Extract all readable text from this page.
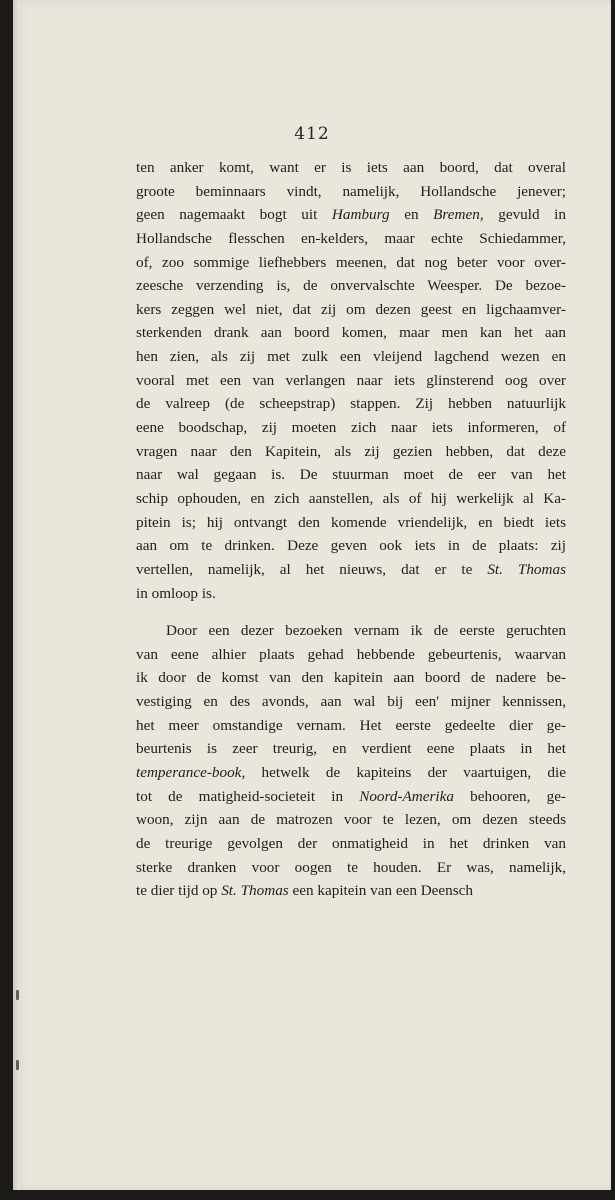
412
ten anker komt, want er is iets aan boord, dat overal
groote beminnaars vindt, namelijk, Hollandsche jenever;
geen nagemaakt bogt uit Hamburg en Bremen, gevuld in
Hollandsche flesschen en-kelders, maar echte Schiedammer,
of, zoo sommige liefhebbers meenen, dat nog beter voor over-
zeesche verzending is, de onvervalschte Weesper. De bezoe-
kers zeggen wel niet, dat zij om dezen geest en ligchaamver-
sterkenden drank aan boord komen, maar men kan het aan
hen zien, als zij met zulk een vleijend lagchend wezen en
vooral met een van verlangen naar iets glinsterend oog over
de valreep (de scheepstrap) stappen. Zij hebben natuurlijk
eene boodschap, zij moeten zich naar iets informeren, of
vragen naar den Kapitein, als zij gezien hebben, dat deze
naar wal gegaan is. De stuurman moet de eer van het
schip ophouden, en zich aanstellen, als of hij werkelijk al Ka-
pitein is; hij ontvangt den komende vriendelijk, en biedt iets
aan om te drinken. Deze geven ook iets in de plaats: zij
vertellen, namelijk, al het nieuws, dat er te St. Thomas
in omloop is.
Door een dezer bezoeken vernam ik de eerste geruchten
van eene alhier plaats gehad hebbende gebeurtenis, waarvan
ik door de komst van den kapitein aan boord de nadere be-
vestiging en des avonds, aan wal bij een' mijner kennissen,
het meer omstandige vernam. Het eerste gedeelte dier ge-
beurtenis is zeer treurig, en verdient eene plaats in het
temperance-book, hetwelk de kapiteins der vaartuigen, die
tot de matigheid-societeit in Noord-Amerika behooren, ge-
woon, zijn aan de matrozen voor te lezen, om dezen steeds
de treurige gevolgen der onmatigheid in het drinken van
sterke dranken voor oogen te houden. Er was, namelijk,
te dier tijd op St. Thomas een kapitein van een Deensch
